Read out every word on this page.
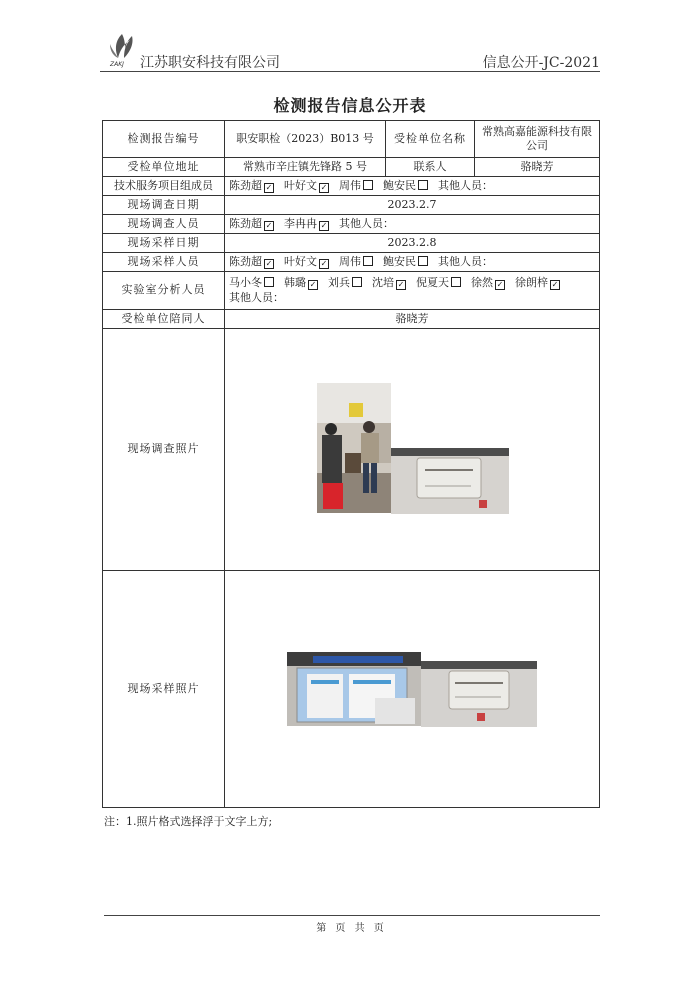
ZAKJ 江苏职安科技有限公司	信息公开-JC-2021
检测报告信息公开表
检测报告编号	职安职检（2023）B013 号	受检单位名称	常熟高嘉能源科技有限公司
受检单位地址	常熟市辛庄镇先锋路 5 号	联系人	骆晓芳
技术服务项目组成员	陈劲超 ✓ 叶好文 ✓ 周伟 鲍安民 其他人员：		
现场调查日期	2023.2.7		
现场调查人员	陈劲超 ✓ 李冉冉 ✓ 其他人员：		
现场采样日期	2023.2.8		
现场采样人员	陈劲超 ✓ 叶好文 ✓ 周伟 鲍安民 其他人员：		
实验室分析人员	马小冬 韩璐 ✓ 刘兵 沈培 ✓ 倪夏天 徐然 ✓ 徐朗梓 ✓
其他人员：		
受检单位陪同人	骆晓芳		
现场调查照片	

现场采样照片	
注：1.照片格式选择浮于文字上方;
第 页 共 页
